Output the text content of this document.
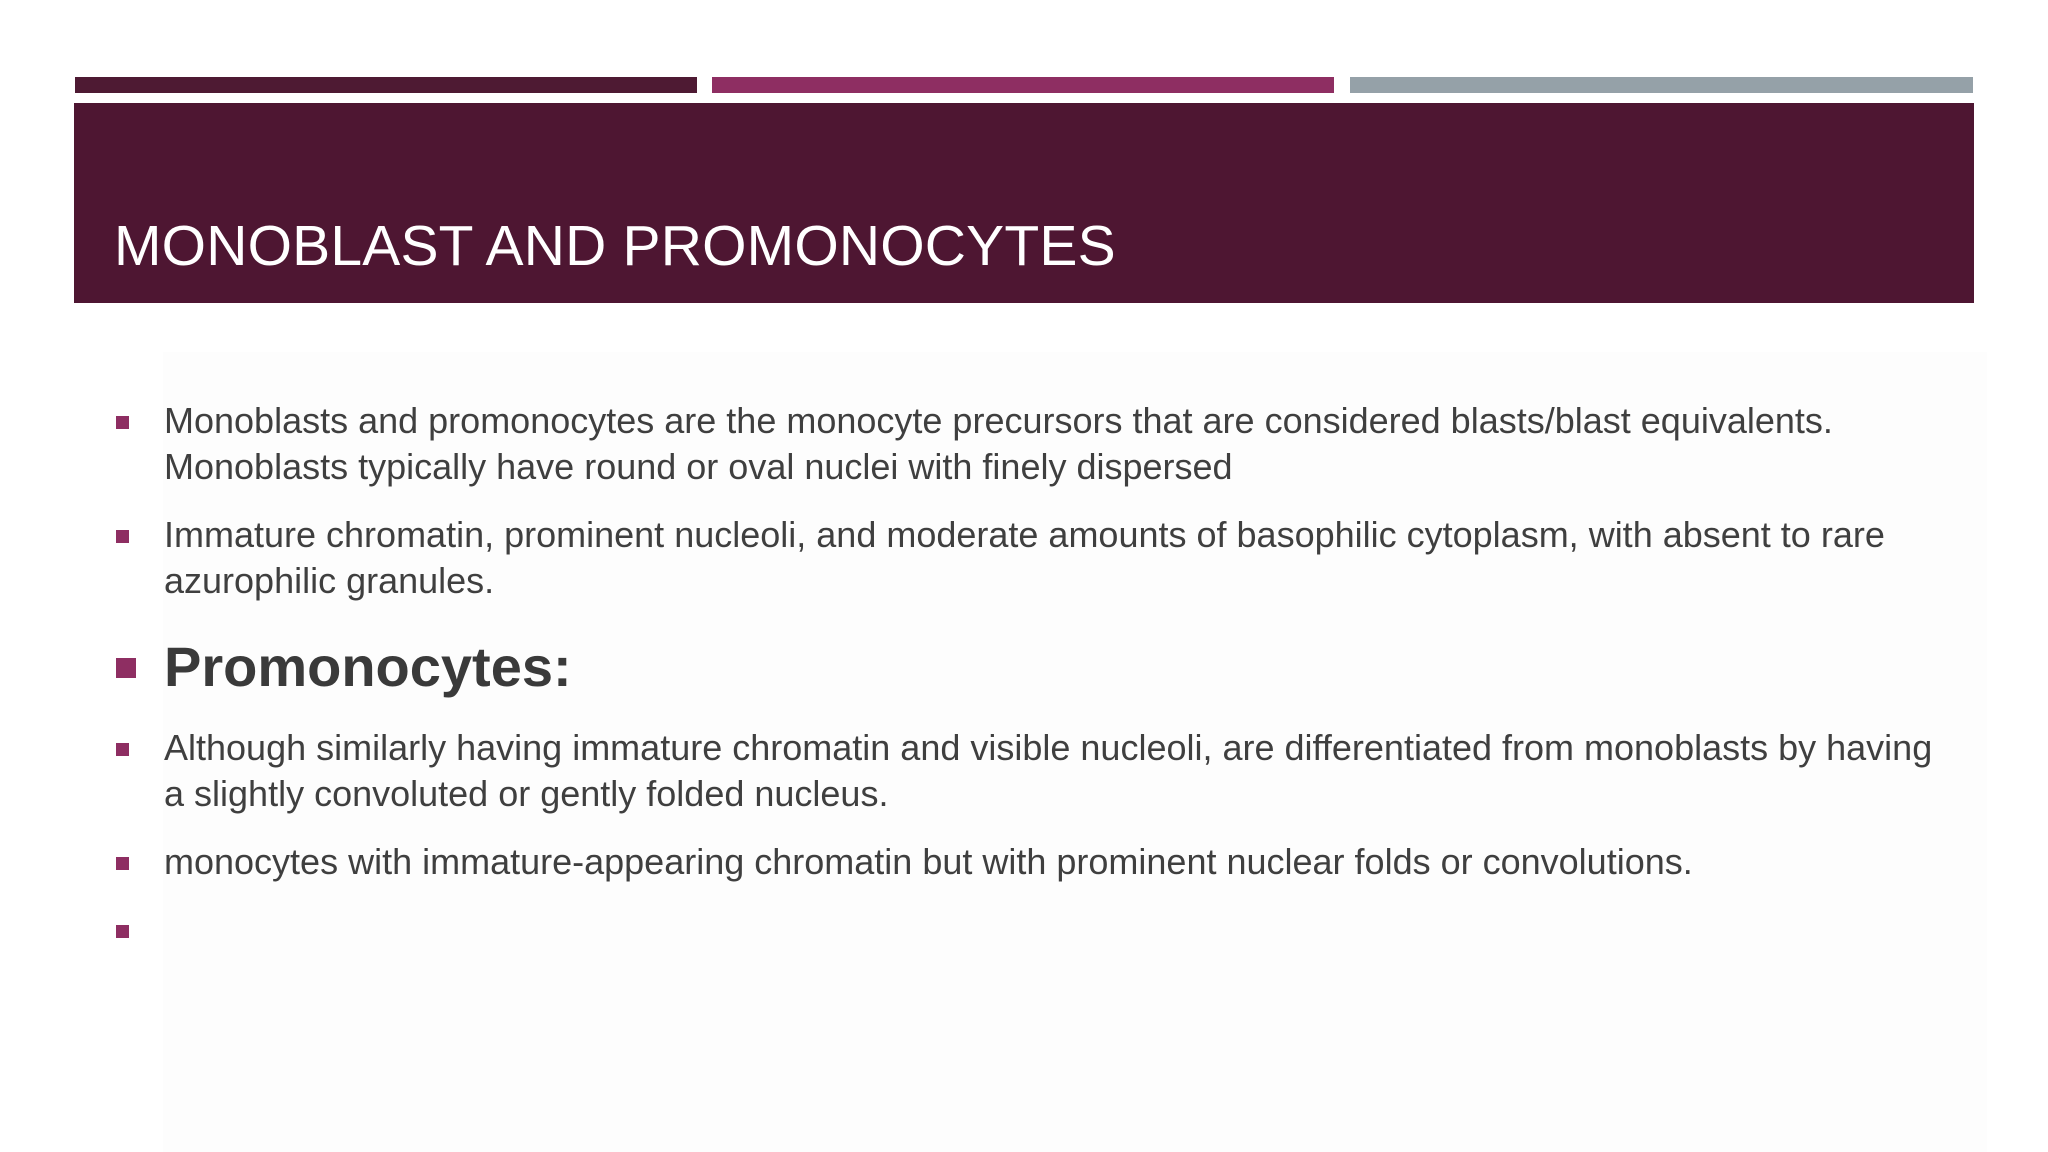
MONOBLAST AND PROMONOCYTES
Monoblasts and promonocytes are the monocyte precursors that are considered blasts/blast equivalents. Monoblasts typically have round or oval nuclei with finely dispersed
Immature chromatin, prominent nucleoli, and moderate amounts of basophilic cytoplasm, with absent to rare azurophilic granules.
Promonocytes:
Although similarly having immature chromatin and visible nucleoli, are differentiated from monoblasts by having a slightly convoluted or gently folded nucleus.
monocytes with immature-appearing chromatin but with prominent nuclear folds or convolutions.
